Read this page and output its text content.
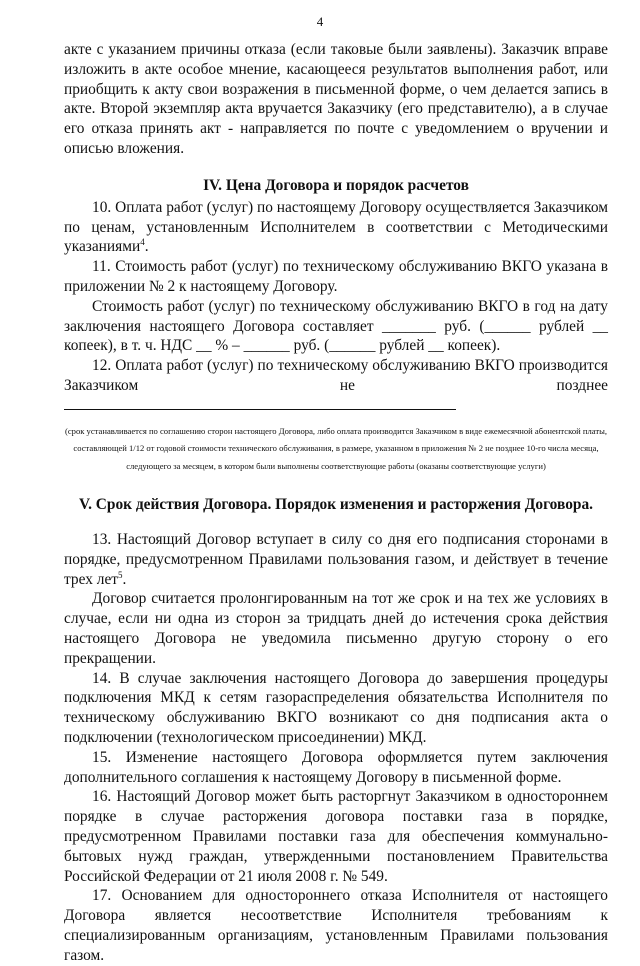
4

акте с указанием причины отказа (если таковые были заявлены). Заказчик вправе изложить в акте особое мнение, касающееся результатов выполнения работ, или приобщить к акту свои возражения в письменной форме, о чем делается запись в акте. Второй экземпляр акта вручается Заказчику (его представителю), а в случае его отказа принять акт - направляется по почте с уведомлением о вручении и описью вложения.

IV. Цена Договора и порядок расчетов

10. Оплата работ (услуг) по настоящему Договору осуществляется Заказчиком по ценам, установленным Исполнителем в соответствии с Методическими указаниями$^4$.

11. Стоимость работ (услуг) по техническому обслуживанию ВКГО указана в приложении № 2 к настоящему Договору.

Стоимость работ (услуг) по техническому обслуживанию ВКГО в год на дату заключения настоящего Договора составляет _______ руб. (______ рублей __ копеек), в т. ч. НДС __ % – ______ руб. (______ рублей __ копеек).

12. Оплата работ (услуг) по техническому обслуживанию ВКГО производится Заказчиком не позднее

(срок устанавливается по соглашению сторон настоящего Договора, либо оплата производится Заказчиком в виде ежемесячной абонентской платы, составляющей 1/12 от годовой стоимости технического обслуживания, в размере, указанном в приложения № 2 не позднее 10-го числа месяца, следующего за месяцем, в котором были выполнены соответствующие работы (оказаны соответствующие услуги)

V. Срок действия Договора. Порядок изменения и расторжения Договора.

13. Настоящий Договор вступает в силу со дня его подписания сторонами в порядке, предусмотренном Правилами пользования газом, и действует в течение трех лет$^5$.

Договор считается пролонгированным на тот же срок и на тех же условиях в случае, если ни одна из сторон за тридцать дней до истечения срока действия настоящего Договора не уведомила письменно другую сторону о его прекращении.

14. В случае заключения настоящего Договора до завершения процедуры подключения МКД к сетям газораспределения обязательства Исполнителя по техническому обслуживанию ВКГО возникают со дня подписания акта о подключении (технологическом присоединении) МКД.

15. Изменение настоящего Договора оформляется путем заключения дополнительного соглашения к настоящему Договору в письменной форме.

16. Настоящий Договор может быть расторгнут Заказчиком в одностороннем порядке в случае расторжения договора поставки газа в порядке, предусмотренном Правилами поставки газа для обеспечения коммунально-бытовых нужд граждан, утвержденными постановлением Правительства Российской Федерации от 21 июля 2008 г. № 549.

17. Основанием для одностороннего отказа Исполнителя от настоящего Договора является несоответствие Исполнителя требованиям к специализированным организациям, установленным Правилами пользования газом.
